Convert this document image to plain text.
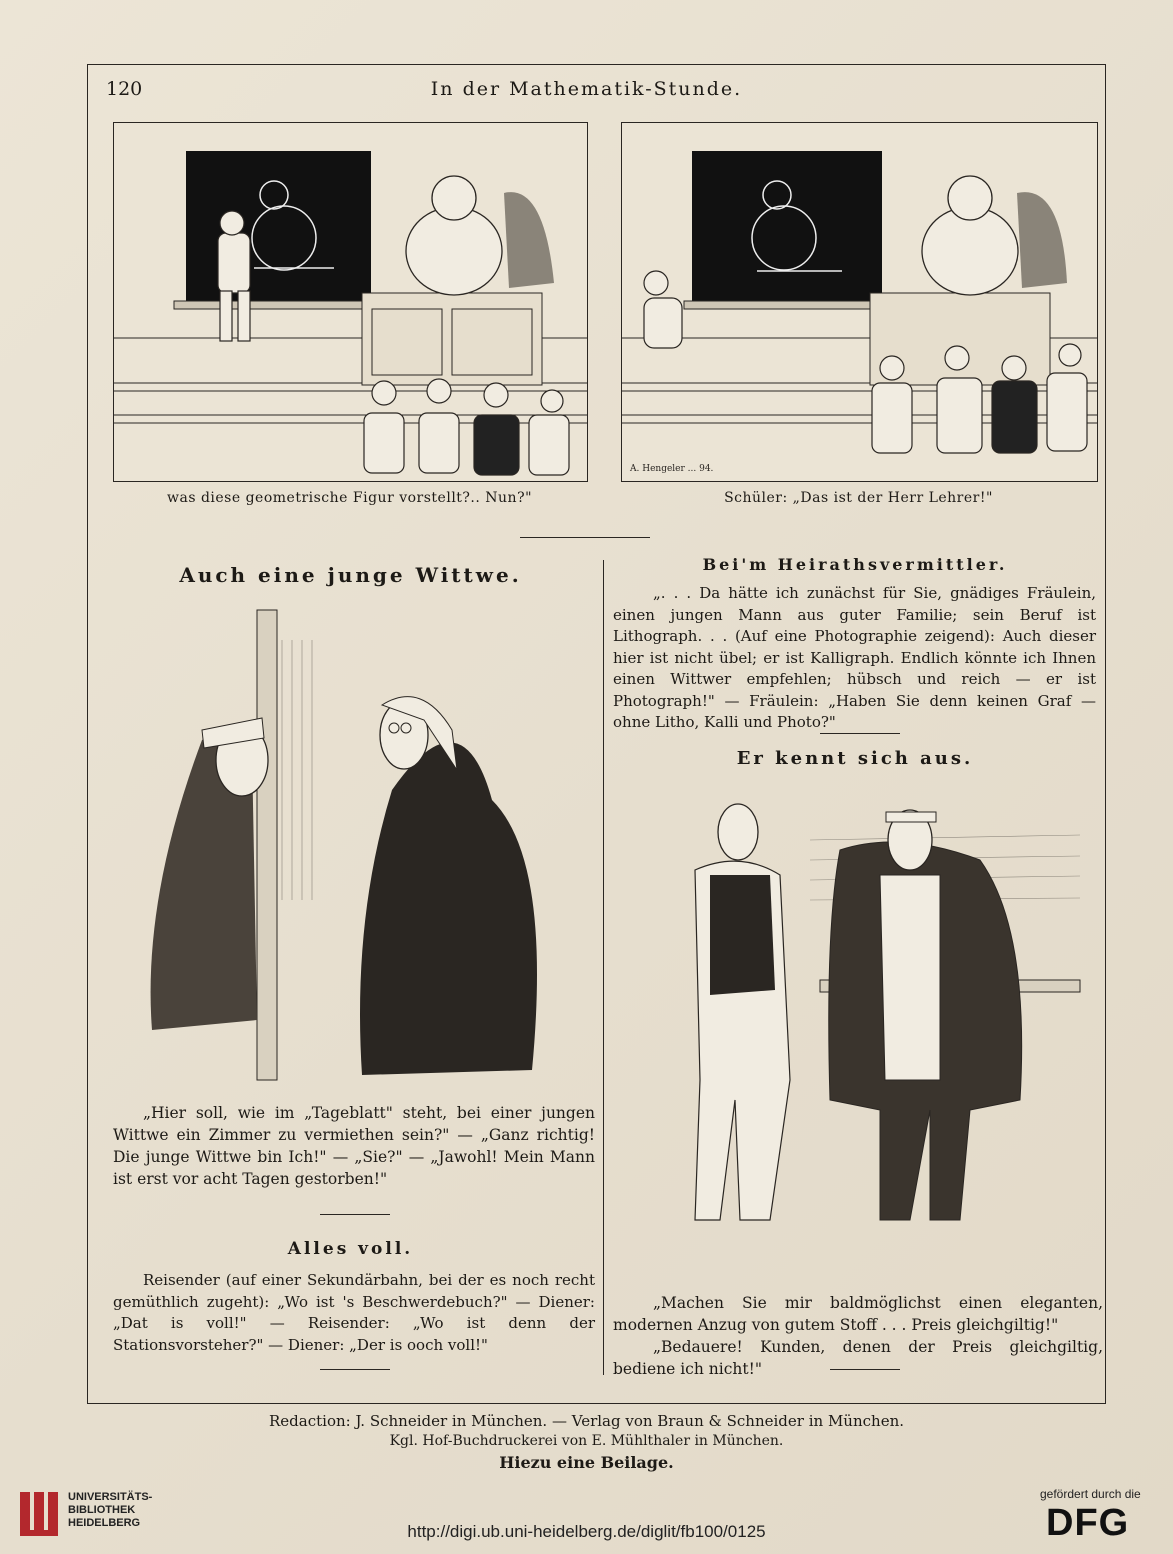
120	In der Mathematik-Stunde.
was diese geometrische Figur vorstellt?.. Nun?"
A. Hengeler ... 94.
Schüler: „Das ist der Herr Lehrer!"
Auch eine junge Wittwe.
„Hier soll, wie im „Tageblatt" steht, bei einer jungen Wittwe ein Zimmer zu vermiethen sein?" — „Ganz richtig! Die junge Wittwe bin Ich!" — „Sie?" — „Jawohl! Mein Mann ist erst vor acht Tagen gestorben!"
Alles voll.
Reisender (auf einer Sekundärbahn, bei der es noch recht gemüthlich zugeht): „Wo ist 's Beschwerdebuch?" — Diener: „Dat is voll!" — Reisender: „Wo ist denn der Stationsvorsteher?" — Diener: „Der is ooch voll!"
Bei'm Heirathsvermittler.
„. . . Da hätte ich zunächst für Sie, gnädiges Fräulein, einen jungen Mann aus guter Familie; sein Beruf ist Lithograph. . . (Auf eine Photographie zeigend): Auch dieser hier ist nicht übel; er ist Kalligraph. Endlich könnte ich Ihnen einen Wittwer empfehlen; hübsch und reich — er ist Photograph!" — Fräulein: „Haben Sie denn keinen Graf — ohne Litho, Kalli und Photo?"
Er kennt sich aus.
„Machen Sie mir baldmöglichst einen eleganten, modernen Anzug von gutem Stoff . . . Preis gleichgiltig!"
„Bedauere! Kunden, denen der Preis gleichgiltig, bediene ich nicht!"
Redaction: J. Schneider in München. — Verlag von Braun & Schneider in München.
Kgl. Hof-Buchdruckerei von E. Mühlthaler in München.
Hiezu eine Beilage.
UNIVERSITÄTS-
BIBLIOTHEK
HEIDELBERG	http://digi.ub.uni-heidelberg.de/diglit/fb100/0125
gefördert durch die
DFG
